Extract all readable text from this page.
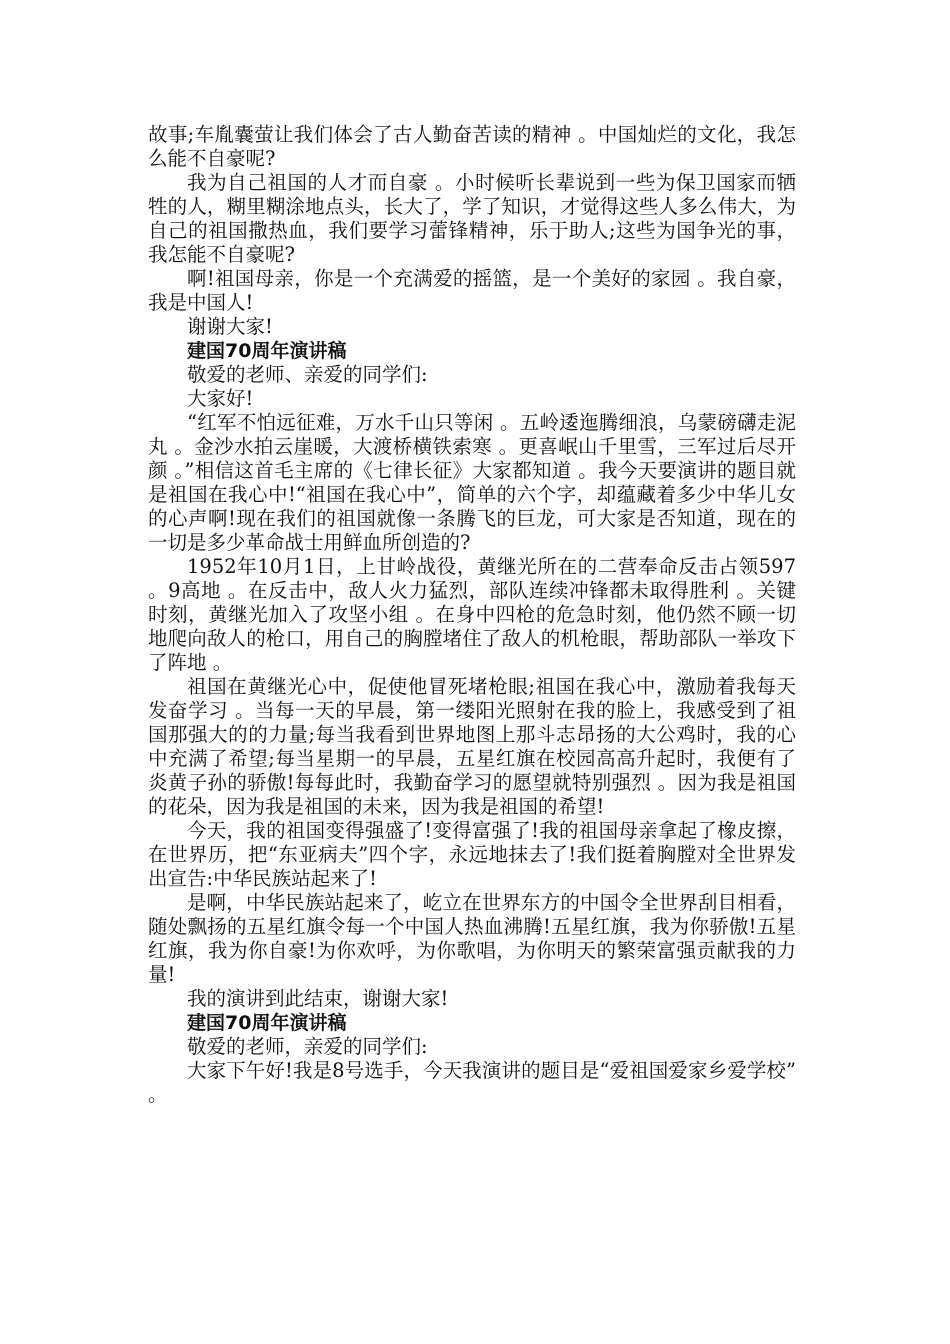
故事;车胤囊萤让我们体会了古人勤奋苦读的精神 。中国灿烂的文化，我怎么能不自豪呢?

我为自己祖国的人才而自豪 。小时候听长辈说到一些为保卫国家而牺牲的人，糊里糊涂地点头，长大了，学了知识，才觉得这些人多么伟大，为自己的祖国撒热血，我们要学习蕾锋精神，乐于助人;这些为国争光的事，我怎能不自豪呢?

啊!祖国母亲，你是一个充满爱的摇篮，是一个美好的家园 。我自豪，我是中国人!

谢谢大家!

建国70周年演讲稿

敬爱的老师、亲爱的同学们:

大家好!

“红军不怕远征难，万水千山只等闲 。五岭逶迤腾细浪，乌蒙磅礴走泥丸 。金沙水拍云崖暖，大渡桥横铁索寒 。更喜岷山千里雪，三军过后尽开颜 。”相信这首毛主席的《七律长征》大家都知道 。我今天要演讲的题目就是祖国在我心中!“祖国在我心中”，简单的六个字，却蕴藏着多少中华儿女的心声啊!现在我们的祖国就像一条腾飞的巨龙，可大家是否知道，现在的一切是多少革命战士用鲜血所创造的?

1952年10月1日，上甘岭战役，黄继光所在的二营奉命反击占领597 。9高地 。在反击中，敌人火力猛烈，部队连续冲锋都未取得胜利 。关键时刻，黄继光加入了攻坚小组 。在身中四枪的危急时刻，他仍然不顾一切地爬向敌人的枪口，用自己的胸膛堵住了敌人的机枪眼，帮助部队一举攻下了阵地 。

祖国在黄继光心中，促使他冒死堵枪眼;祖国在我心中，激励着我每天发奋学习 。当每一天的早晨，第一缕阳光照射在我的脸上，我感受到了祖国那强大的的力量;每当我看到世界地图上那斗志昂扬的大公鸡时，我的心中充满了希望;每当星期一的早晨，五星红旗在校园高高升起时，我便有了炎黄子孙的骄傲!每每此时，我勤奋学习的愿望就特别强烈 。因为我是祖国的花朵，因为我是祖国的未来，因为我是祖国的希望!

今天，我的祖国变得强盛了!变得富强了!我的祖国母亲拿起了橡皮擦，在世界历，把“东亚病夫”四个字，永远地抹去了!我们挺着胸膛对全世界发出宣告:中华民族站起来了!

是啊，中华民族站起来了，屹立在世界东方的中国令全世界刮目相看，随处飘扬的五星红旗令每一个中国人热血沸腾!五星红旗，我为你骄傲!五星红旗，我为你自豪!为你欢呼，为你歌唱，为你明天的繁荣富强贡献我的力量!

我的演讲到此结束，谢谢大家!

建国70周年演讲稿

敬爱的老师，亲爱的同学们:

大家下午好!我是8号选手，今天我演讲的题目是“爱祖国爱家乡爱学校” 。
